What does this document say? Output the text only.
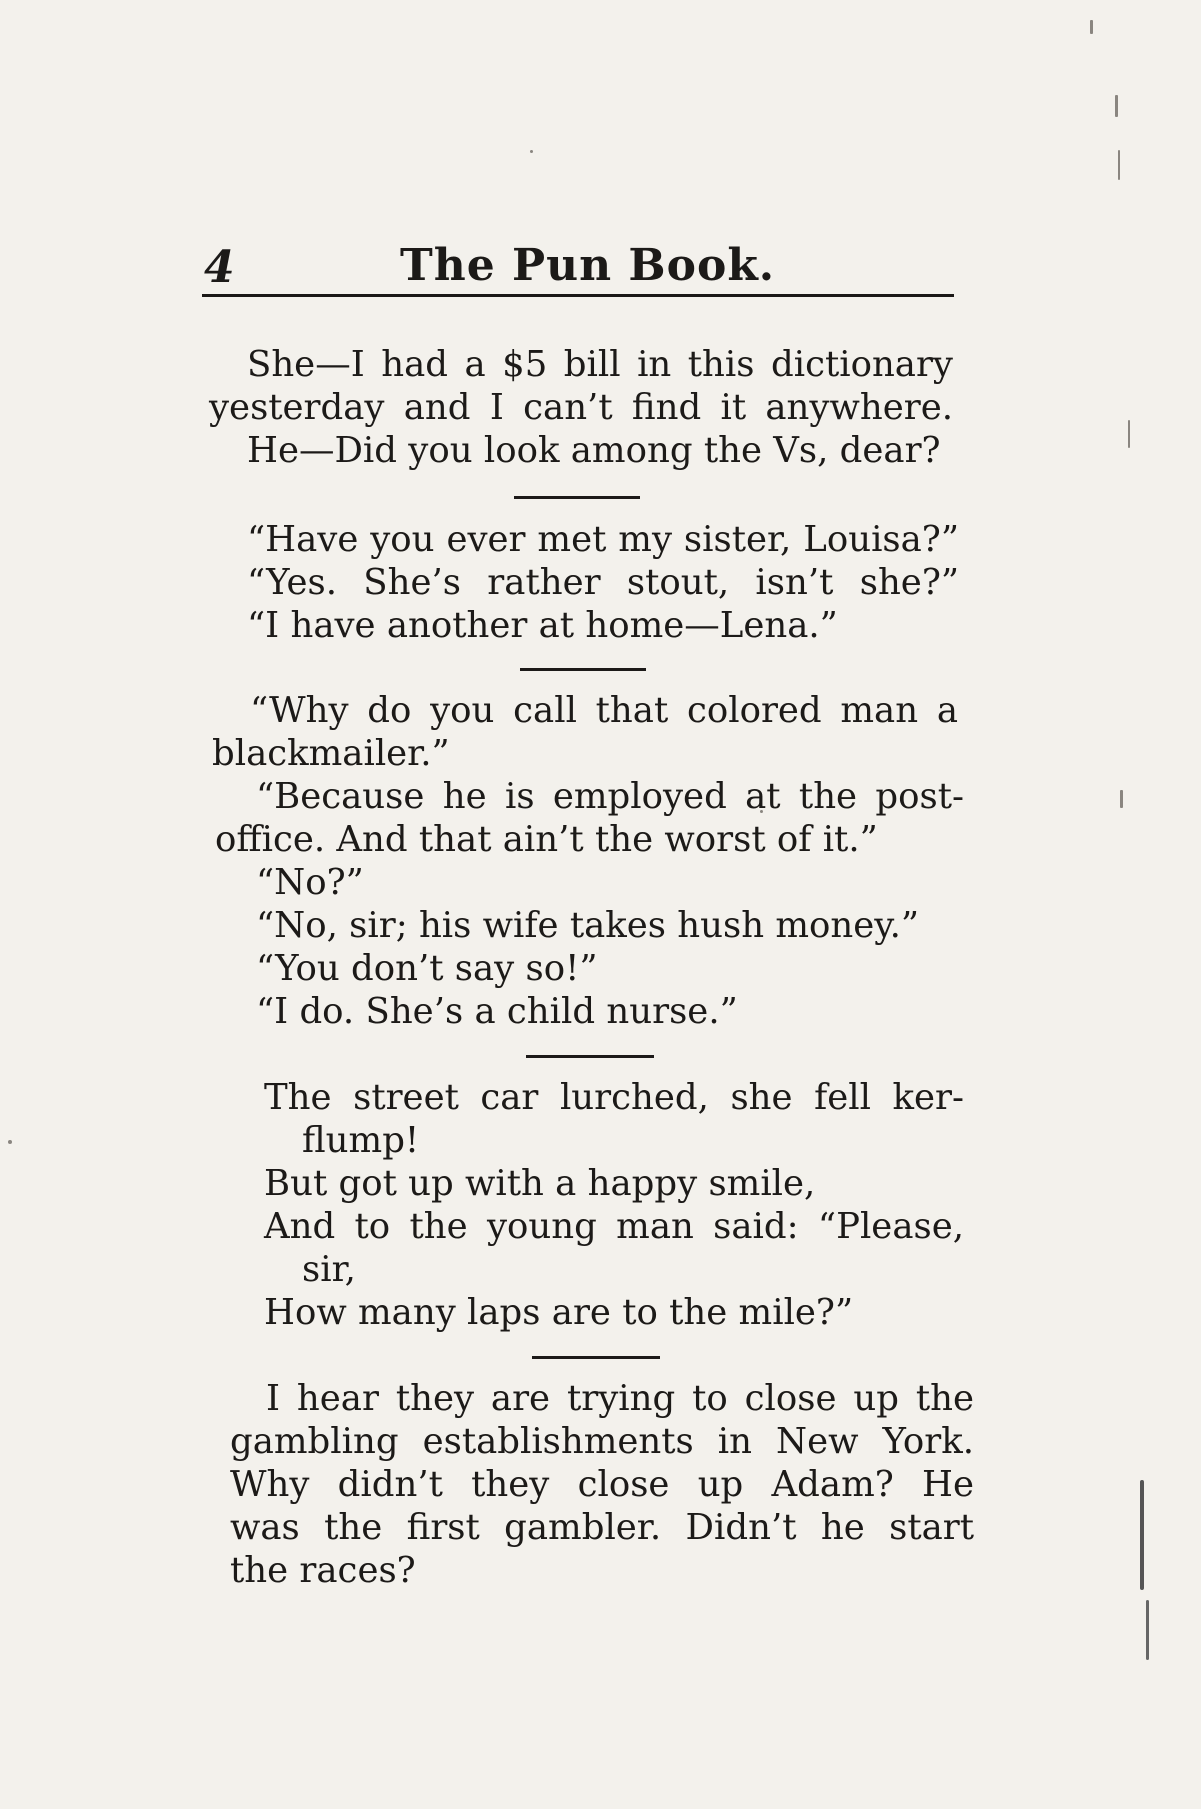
4	The Pun Book.
She—I had a $5 bill in this dictionary
yesterday and I can’t find it anywhere.
He—Did you look among the Vs, dear?
“Have you ever met my sister, Louisa?”
“Yes. She’s rather stout, isn’t she?”
“I have another at home—Lena.”
“Why do you call that colored man a
blackmailer.”
“Because he is employed at the post-
office. And that ain’t the worst of it.”
“No?”
“No, sir; his wife takes hush money.”
“You don’t say so!”
“I do. She’s a child nurse.”
The street car lurched, she fell ker-
flump!
But got up with a happy smile,
And to the young man said: “Please,
sir,
How many laps are to the mile?”
I hear they are trying to close up the
gambling establishments in New York.
Why didn’t they close up Adam? He
was the first gambler. Didn’t he start
the races?
